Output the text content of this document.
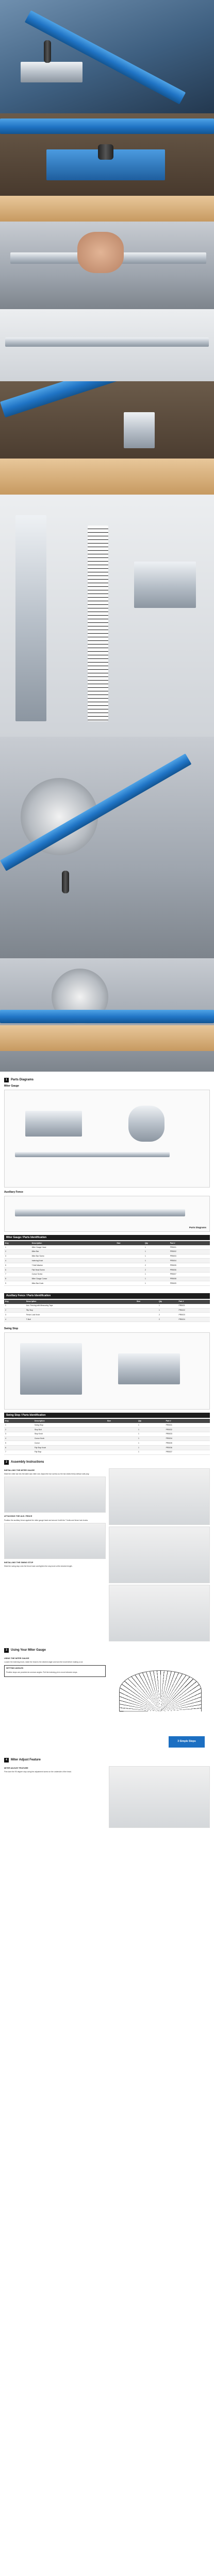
1	Parts Diagrams
Miter Gauge
Auxiliary Fence
Parts Diagrams
Miter Gauge / Parts Identification
Key	Description	Size	Qty	Part #
1	Miter Gauge Head		1	PR5001
2	Miter Bar		1	PR5002
3	Miter Bar Screw		1	PR5003
4	Indexing Knob		1	PR5004
5	T-Bolt Washer		2	PR5005
6	Flat Head Screw		2	PR5006
7	Cursor Screw		1	PR5007
8	Miter Gauge Cursor		1	PR5008
9	Miter Bar Knob		1	PR5009
Auxiliary Fence / Parts Identification
Key	Description	Size	Qty	Part #
1	Aux. Fencing with Measuring Tape		1	PR5021
2	Flip Stop		1	PR5022
3	Fence Lock Knob		2	PR5023
4	T-Bolt		2	PR5024
Swing Stop
Swing Stop / Parts Identification
Key	Description	Size	Qty	Part #
1	Swing Stop		1	PR5031
2	Stop Bolt		1	PR5032
3	Stop Knob		1	PR5033
4	Cursor Knob		1	PR5034
5	Cursor		1	PR5035
6	Flip Stop Knob		1	PR5036
7	Flip Stop		1	PR5037
2	Assembly Instructions
INSTALLING THE MITER GAUGE
Slide the miter bar into the table saw miter slot. Adjust the bar screws so the bar slides freely without side play.
ATTACHING THE AUX. FENCE
Position the auxiliary fence against the miter gauge head and secure it with the T-bolts and fence lock knobs.
INSTALLING THE SWING STOP
Slide the swing stop onto the fence track and tighten the stop knob at the desired length.
3	Using Your Miter Gauge
USING THE MITER GAUGE
Loosen the indexing knob, rotate the head to the desired angle and lock the knob before making a cut.
SETTING ANGLES
Positive stops are provided at common angles. Pull the indexing pin to move between stops.
3 Simple Steps
4	Miter Adjust Feature
MITER ADJUST FEATURE
Fine-tune the 90 degree stop using the adjustment screw on the underside of the head.
